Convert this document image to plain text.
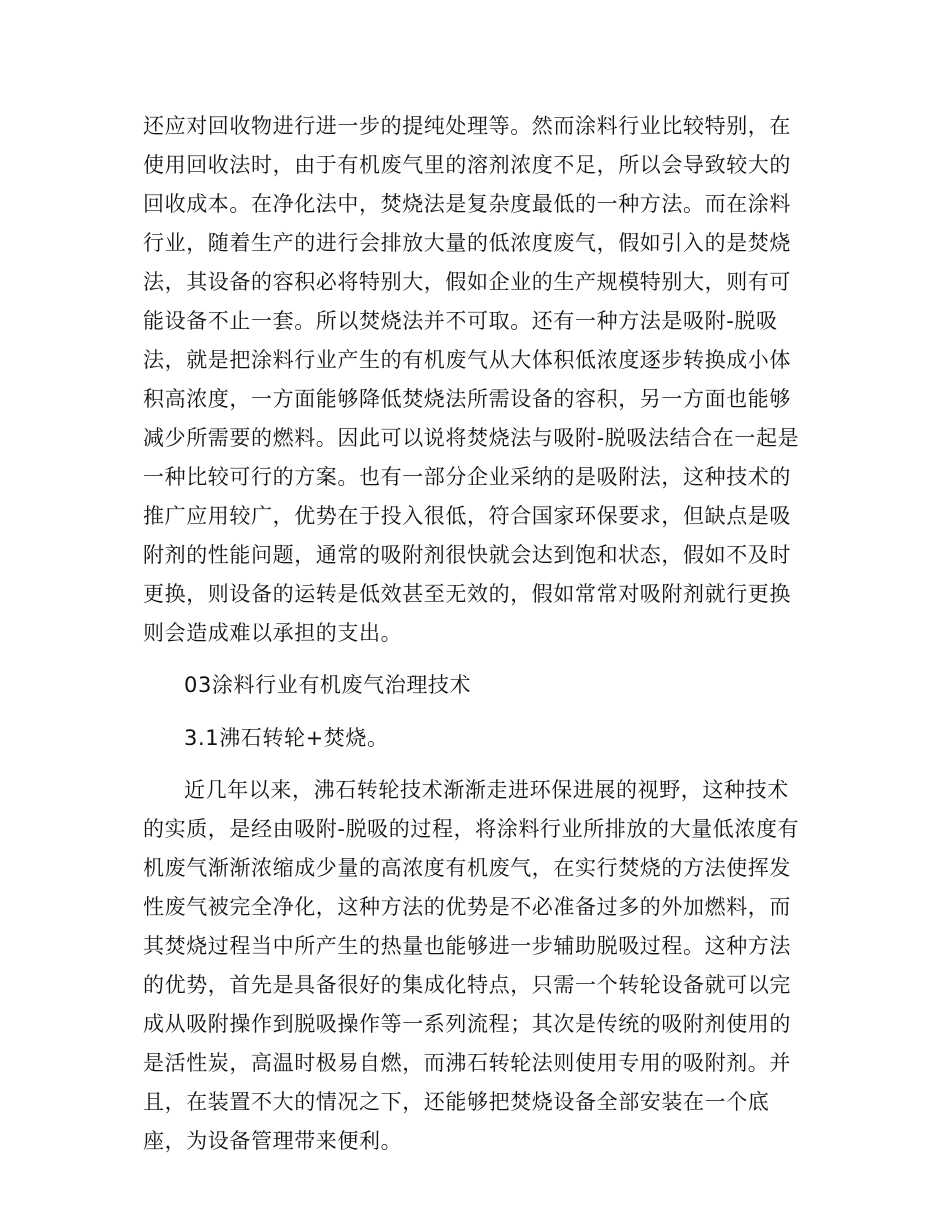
还应对回收物进行进一步的提纯处理等。然而涂料行业比较特别，在
使用回收法时，由于有机废气里的溶剂浓度不足，所以会导致较大的
回收成本。在净化法中，焚烧法是复杂度最低的一种方法。而在涂料
行业，随着生产的进行会排放大量的低浓度废气，假如引入的是焚烧
法，其设备的容积必将特别大，假如企业的生产规模特别大，则有可
能设备不止一套。所以焚烧法并不可取。还有一种方法是吸附-脱吸
法，就是把涂料行业产生的有机废气从大体积低浓度逐步转换成小体
积高浓度，一方面能够降低焚烧法所需设备的容积，另一方面也能够
减少所需要的燃料。因此可以说将焚烧法与吸附-脱吸法结合在一起是
一种比较可行的方案。也有一部分企业采纳的是吸附法，这种技术的
推广应用较广，优势在于投入很低，符合国家环保要求，但缺点是吸
附剂的性能问题，通常的吸附剂很快就会达到饱和状态，假如不及时
更换，则设备的运转是低效甚至无效的，假如常常对吸附剂就行更换
则会造成难以承担的支出。
03涂料行业有机废气治理技术
3.1沸石转轮+焚烧。
近几年以来，沸石转轮技术渐渐走进环保进展的视野，这种技术
的实质，是经由吸附-脱吸的过程，将涂料行业所排放的大量低浓度有
机废气渐渐浓缩成少量的高浓度有机废气，在实行焚烧的方法使挥发
性废气被完全净化，这种方法的优势是不必准备过多的外加燃料，而
其焚烧过程当中所产生的热量也能够进一步辅助脱吸过程。这种方法
的优势，首先是具备很好的集成化特点，只需一个转轮设备就可以完
成从吸附操作到脱吸操作等一系列流程；其次是传统的吸附剂使用的
是活性炭，高温时极易自燃，而沸石转轮法则使用专用的吸附剂。并
且，在装置不大的情况之下，还能够把焚烧设备全部安装在一个底
座，为设备管理带来便利。
